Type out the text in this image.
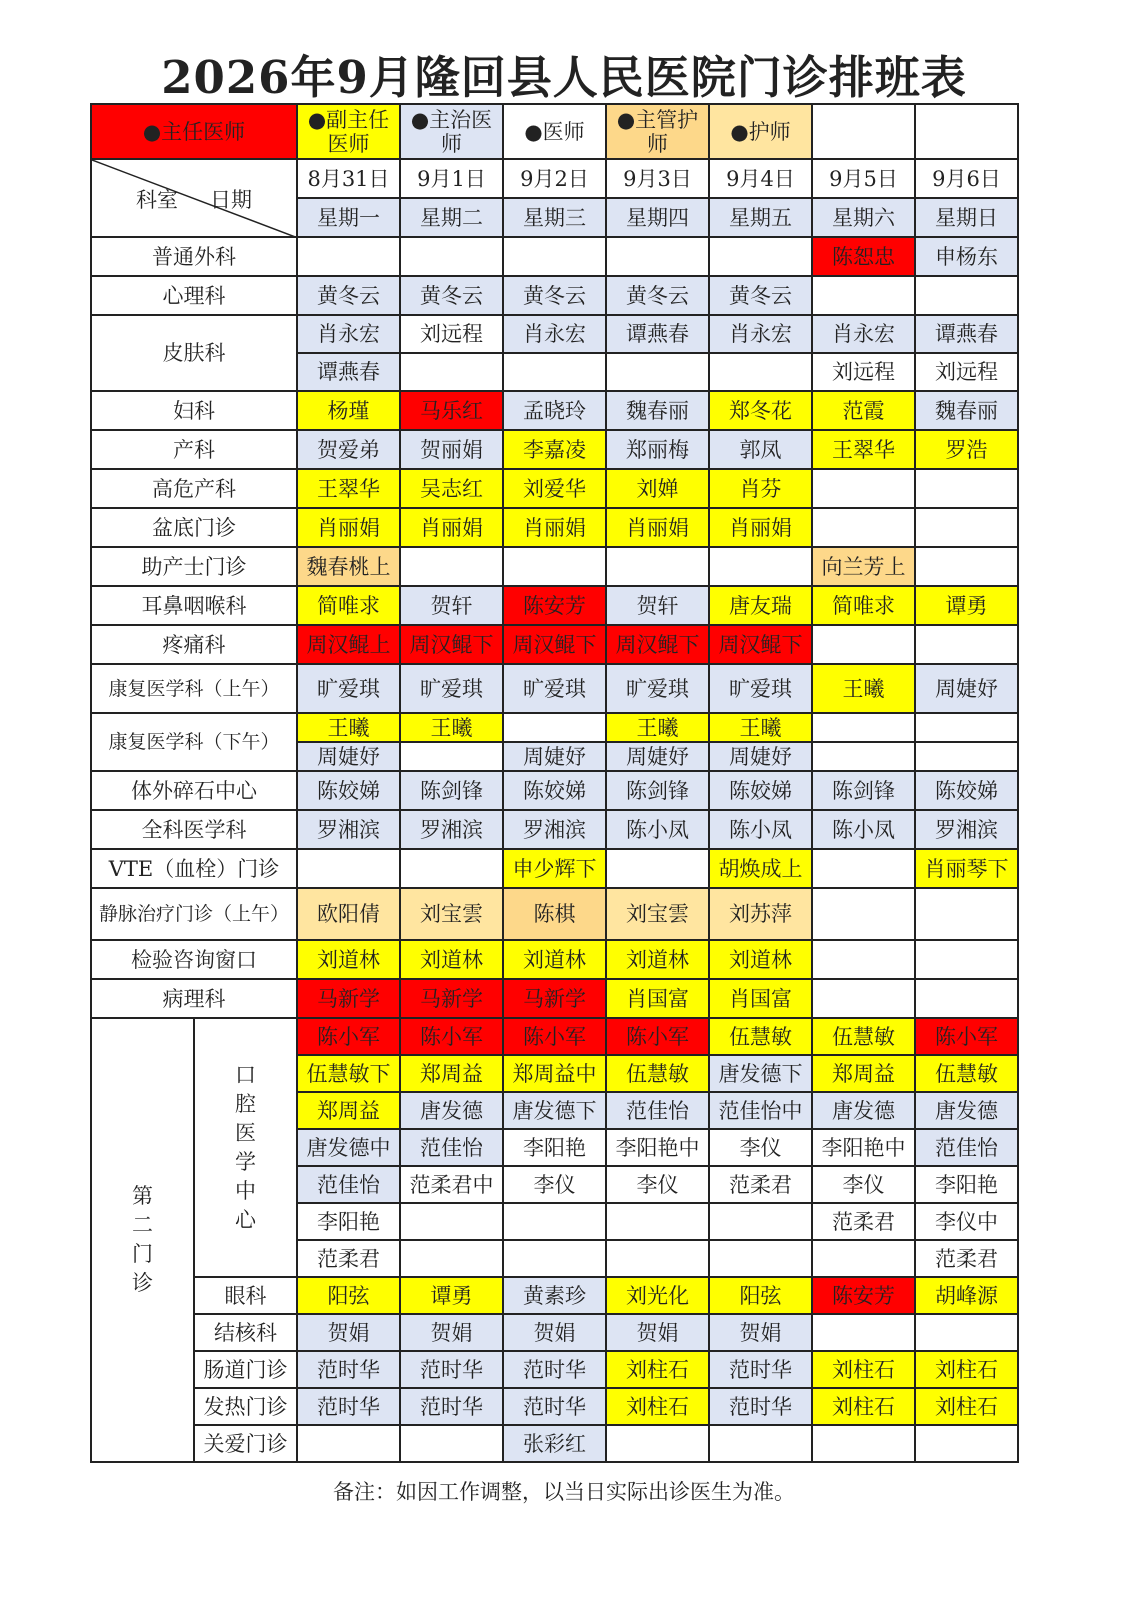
2026年9月隆回县人民医院门诊排班表
●主任医师		●副主任医师	●主治医师	●医师	●主管护师	●护师		

科室 日期		8月31日	9月1日	9月2日	9月3日	9月4日	9月5日	9月6日
		星期一	星期二	星期三	星期四	星期五	星期六	星期日
普通外科							陈恕忠	申杨东
心理科		黄冬云	黄冬云	黄冬云	黄冬云	黄冬云		
皮肤科		肖永宏	刘远程	肖永宏	谭燕春	肖永宏	肖永宏	谭燕春
		谭燕春					刘远程	刘远程
妇科		杨瑾	马乐红	孟晓玲	魏春丽	郑冬花	范霞	魏春丽
产科		贺爱弟	贺丽娟	李嘉凌	郑丽梅	郭凤	王翠华	罗浩
高危产科		王翠华	吴志红	刘爱华	刘婵	肖芬		
盆底门诊		肖丽娟	肖丽娟	肖丽娟	肖丽娟	肖丽娟		
助产士门诊		魏春桃上					向兰芳上	
耳鼻咽喉科		简唯求	贺轩	陈安芳	贺轩	唐友瑞	简唯求	谭勇
疼痛科		周汉鲲上	周汉鲲下	周汉鲲下	周汉鲲下	周汉鲲下		
康复医学科（上午）		旷爱琪	旷爱琪	旷爱琪	旷爱琪	旷爱琪	王曦	周婕妤
康复医学科（下午）		王曦	王曦		王曦	王曦		
		周婕妤		周婕妤	周婕妤	周婕妤		
体外碎石中心		陈姣娣	陈剑锋	陈姣娣	陈剑锋	陈姣娣	陈剑锋	陈姣娣
全科医学科		罗湘滨	罗湘滨	罗湘滨	陈小凤	陈小凤	陈小凤	罗湘滨
VTE（血栓）门诊				申少辉下		胡焕成上		肖丽琴下
静脉治疗门诊（上午）		欧阳倩	刘宝雲	陈棋	刘宝雲	刘苏萍		
检验咨询窗口		刘道林	刘道林	刘道林	刘道林	刘道林		
病理科		马新学	马新学	马新学	肖国富	肖国富		
第二门诊	口腔医学中心	陈小军	陈小军	陈小军	陈小军	伍慧敏	伍慧敏	陈小军
		伍慧敏下	郑周益	郑周益中	伍慧敏	唐发德下	郑周益	伍慧敏
		郑周益	唐发德	唐发德下	范佳怡	范佳怡中	唐发德	唐发德
		唐发德中	范佳怡	李阳艳	李阳艳中	李仪	李阳艳中	范佳怡
		范佳怡	范柔君中	李仪	李仪	范柔君	李仪	李阳艳
		李阳艳					范柔君	李仪中
		范柔君						范柔君
	眼科	阳弦	谭勇	黄素珍	刘光化	阳弦	陈安芳	胡峰源
	结核科	贺娟	贺娟	贺娟	贺娟	贺娟		
	肠道门诊	范时华	范时华	范时华	刘柱石	范时华	刘柱石	刘柱石
	发热门诊	范时华	范时华	范时华	刘柱石	范时华	刘柱石	刘柱石
	关爱门诊			张彩红				
备注：如因工作调整，以当日实际出诊医生为准。
